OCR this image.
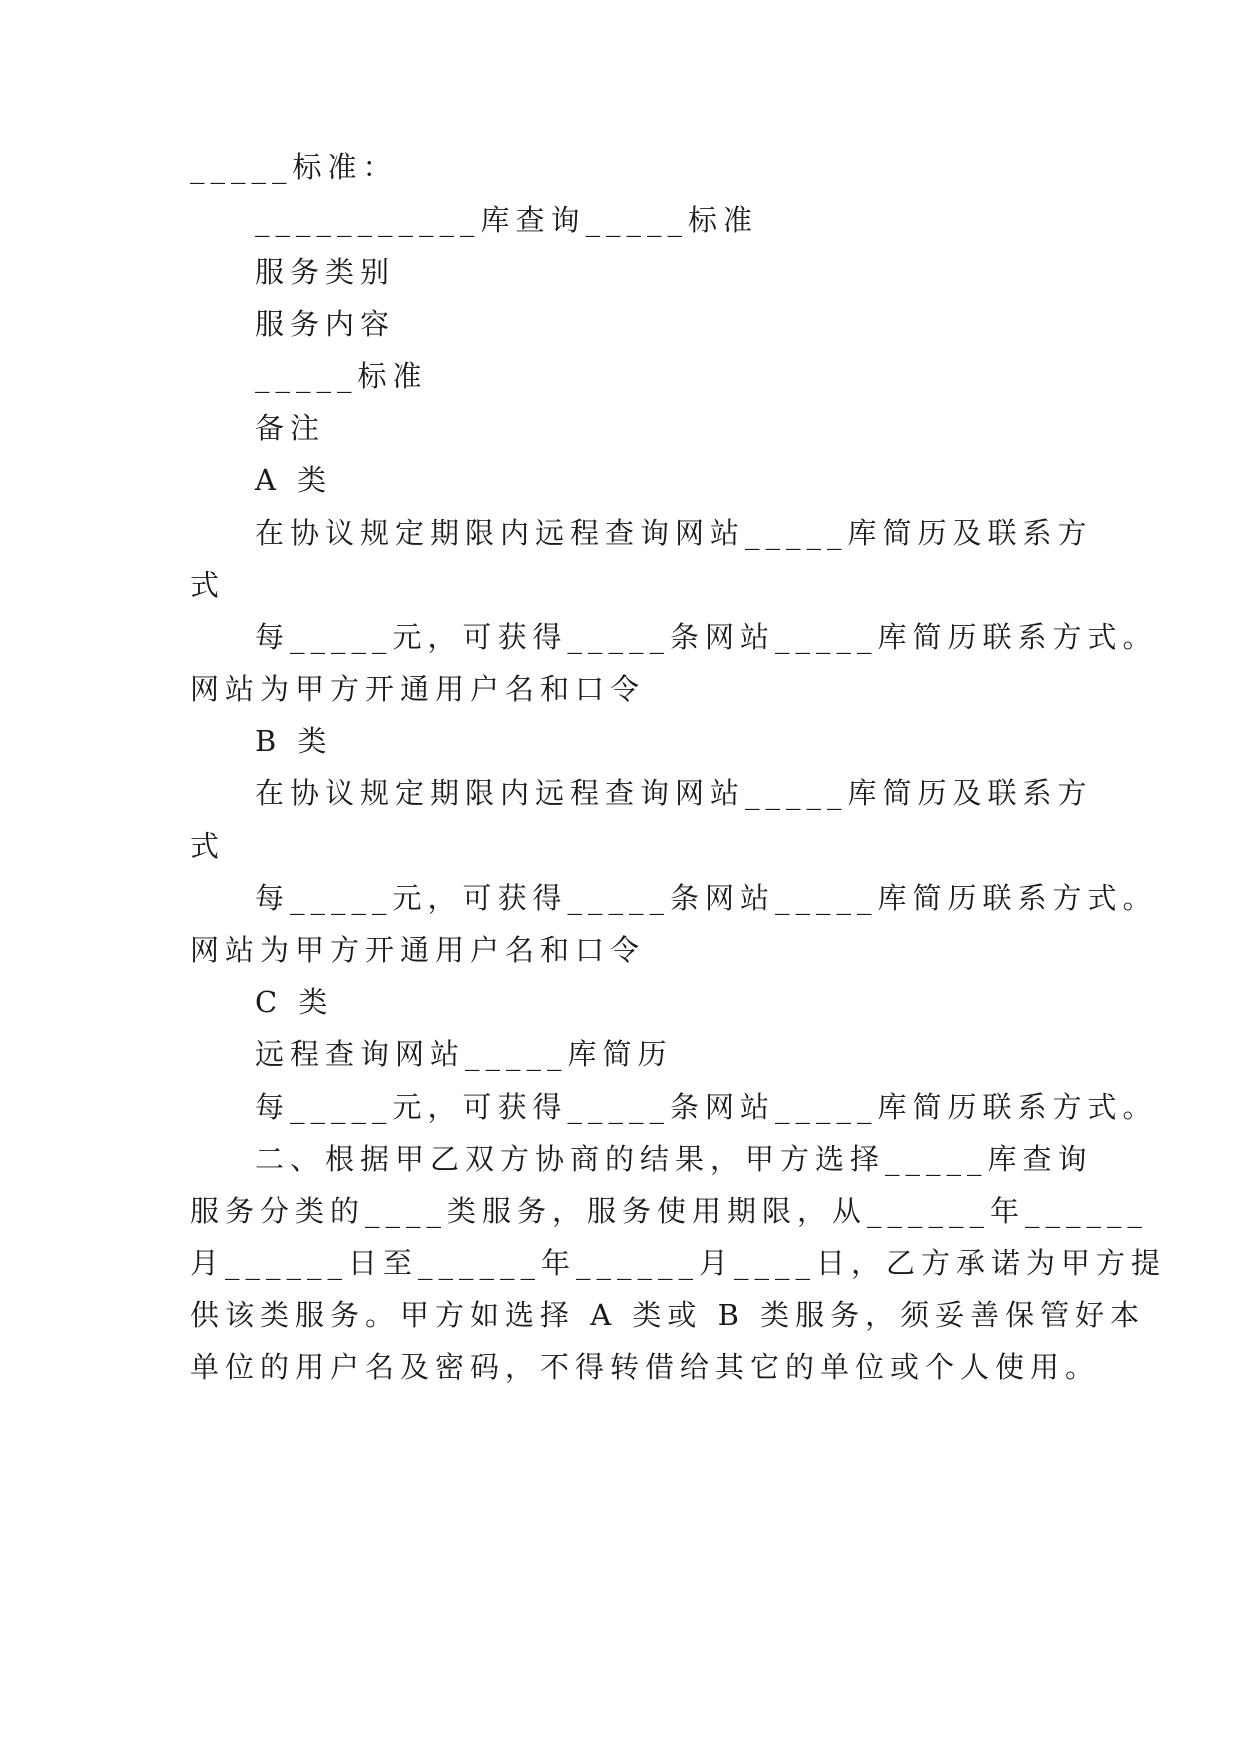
_____标准：
___________库查询_____标准
服务类别
服务内容
_____标准
备注
A 类
在协议规定期限内远程查询网站_____库简历及联系方
式
每_____元，可获得_____条网站_____库简历联系方式。
网站为甲方开通用户名和口令
B 类
在协议规定期限内远程查询网站_____库简历及联系方
式
每_____元，可获得_____条网站_____库简历联系方式。
网站为甲方开通用户名和口令
C 类
远程查询网站_____库简历
每_____元，可获得_____条网站_____库简历联系方式。
二、根据甲乙双方协商的结果，甲方选择_____库查询
服务分类的____类服务，服务使用期限，从______年______
月______日至______年______月____日，乙方承诺为甲方提
供该类服务。甲方如选择 A 类或 B 类服务，须妥善保管好本
单位的用户名及密码，不得转借给其它的单位或个人使用。
